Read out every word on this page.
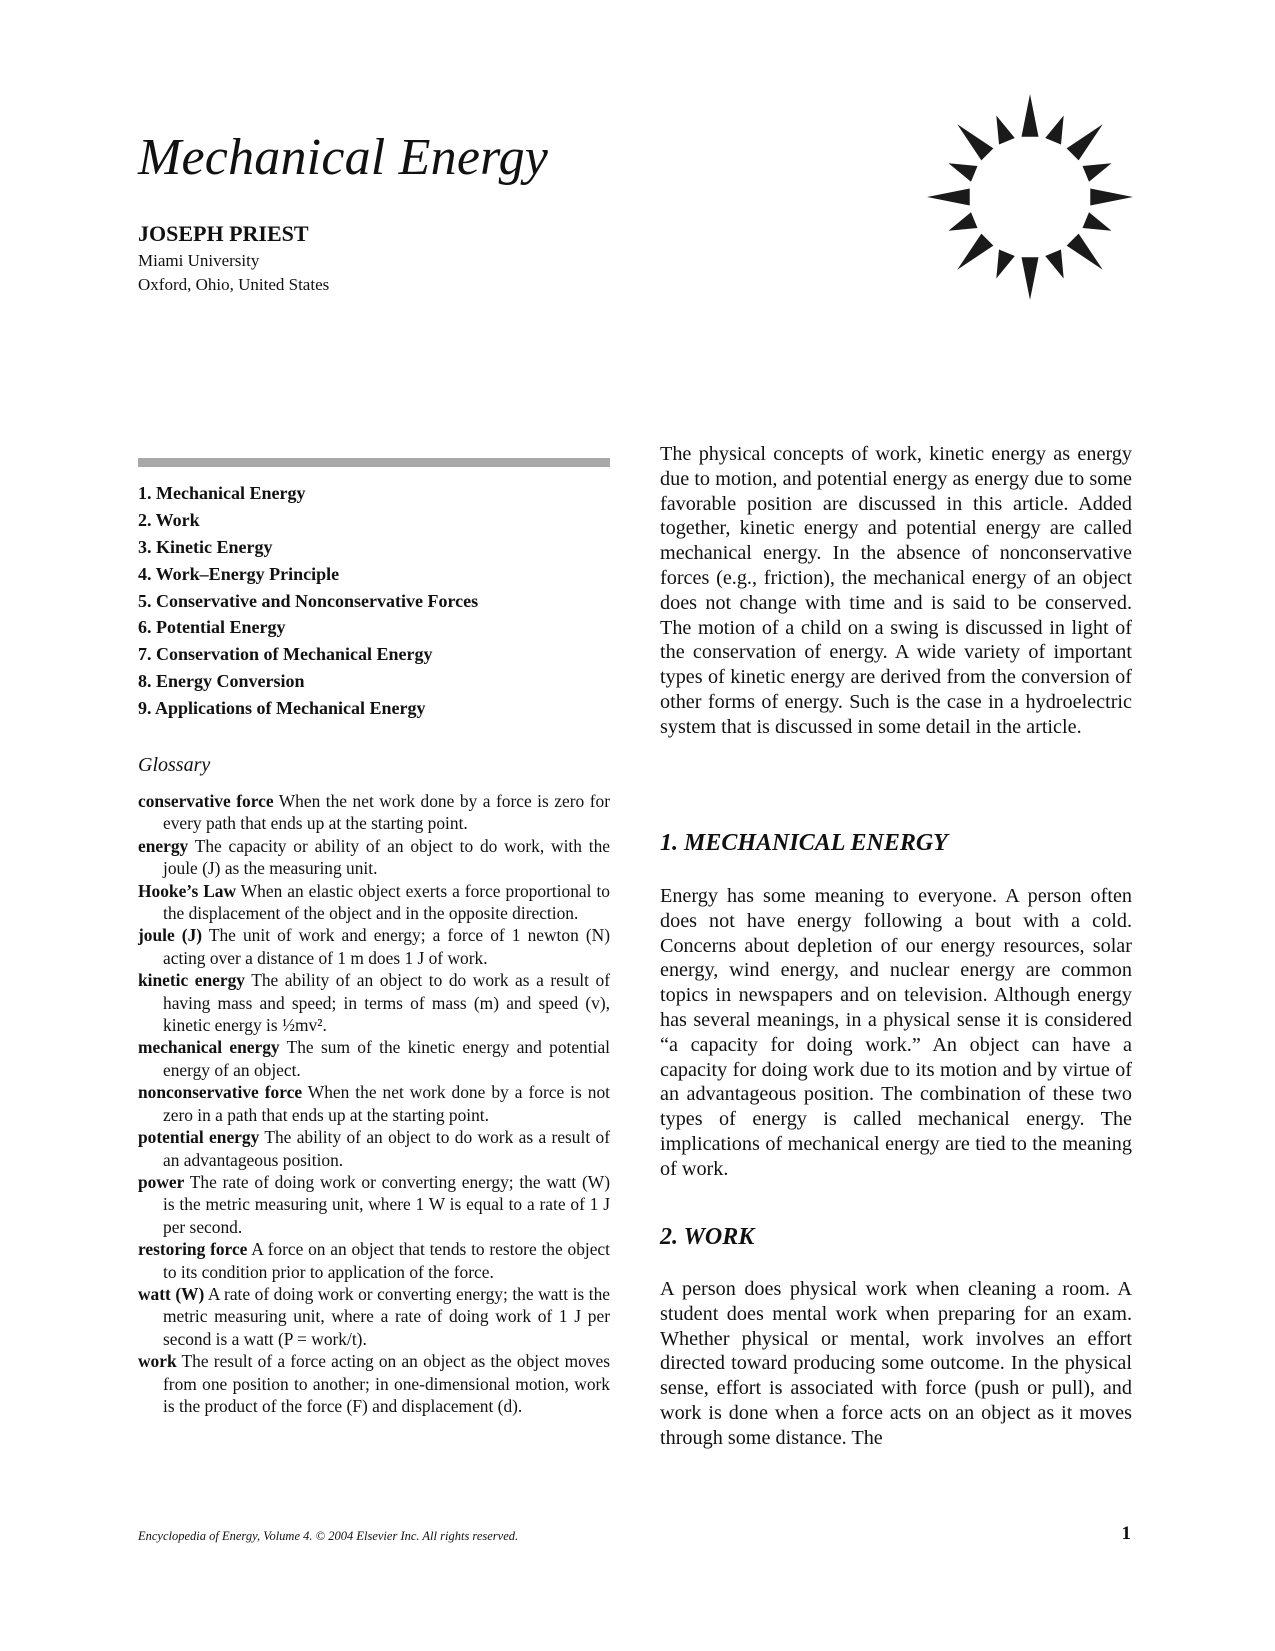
Mechanical Energy
JOSEPH PRIEST
Miami University
Oxford, Ohio, United States
1. Mechanical Energy
2. Work
3. Kinetic Energy
4. Work–Energy Principle
5. Conservative and Nonconservative Forces
6. Potential Energy
7. Conservation of Mechanical Energy
8. Energy Conversion
9. Applications of Mechanical Energy
Glossary
conservative force When the net work done by a force is zero for every path that ends up at the starting point.
energy The capacity or ability of an object to do work, with the joule (J) as the measuring unit.
Hooke’s Law When an elastic object exerts a force proportional to the displacement of the object and in the opposite direction.
joule (J) The unit of work and energy; a force of 1 newton (N) acting over a distance of 1 m does 1 J of work.
kinetic energy The ability of an object to do work as a result of having mass and speed; in terms of mass (m) and speed (v), kinetic energy is ½mv².
mechanical energy The sum of the kinetic energy and potential energy of an object.
nonconservative force When the net work done by a force is not zero in a path that ends up at the starting point.
potential energy The ability of an object to do work as a result of an advantageous position.
power The rate of doing work or converting energy; the watt (W) is the metric measuring unit, where 1 W is equal to a rate of 1 J per second.
restoring force A force on an object that tends to restore the object to its condition prior to application of the force.
watt (W) A rate of doing work or converting energy; the watt is the metric measuring unit, where a rate of doing work of 1 J per second is a watt (P = work/t).
work The result of a force acting on an object as the object moves from one position to another; in one-dimensional motion, work is the product of the force (F) and displacement (d).

The physical concepts of work, kinetic energy as energy due to motion, and potential energy as energy due to some favorable position are discussed in this article. Added together, kinetic energy and potential energy are called mechanical energy. In the absence of nonconservative forces (e.g., friction), the mechanical energy of an object does not change with time and is said to be conserved. The motion of a child on a swing is discussed in light of the conservation of energy. A wide variety of important types of kinetic energy are derived from the conversion of other forms of energy. Such is the case in a hydroelectric system that is discussed in some detail in the article.

1. MECHANICAL ENERGY

Energy has some meaning to everyone. A person often does not have energy following a bout with a cold. Concerns about depletion of our energy resources, solar energy, wind energy, and nuclear energy are common topics in newspapers and on television. Although energy has several meanings, in a physical sense it is considered “a capacity for doing work.” An object can have a capacity for doing work due to its motion and by virtue of an advantageous position. The combination of these two types of energy is called mechanical energy. The implications of mechanical energy are tied to the meaning of work.

2. WORK

A person does physical work when cleaning a room. A student does mental work when preparing for an exam. Whether physical or mental, work involves an effort directed toward producing some outcome. In the physical sense, effort is associated with force (push or pull), and work is done when a force acts on an object as it moves through some distance. The

Encyclopedia of Energy, Volume 4. © 2004 Elsevier Inc. All rights reserved.	1
